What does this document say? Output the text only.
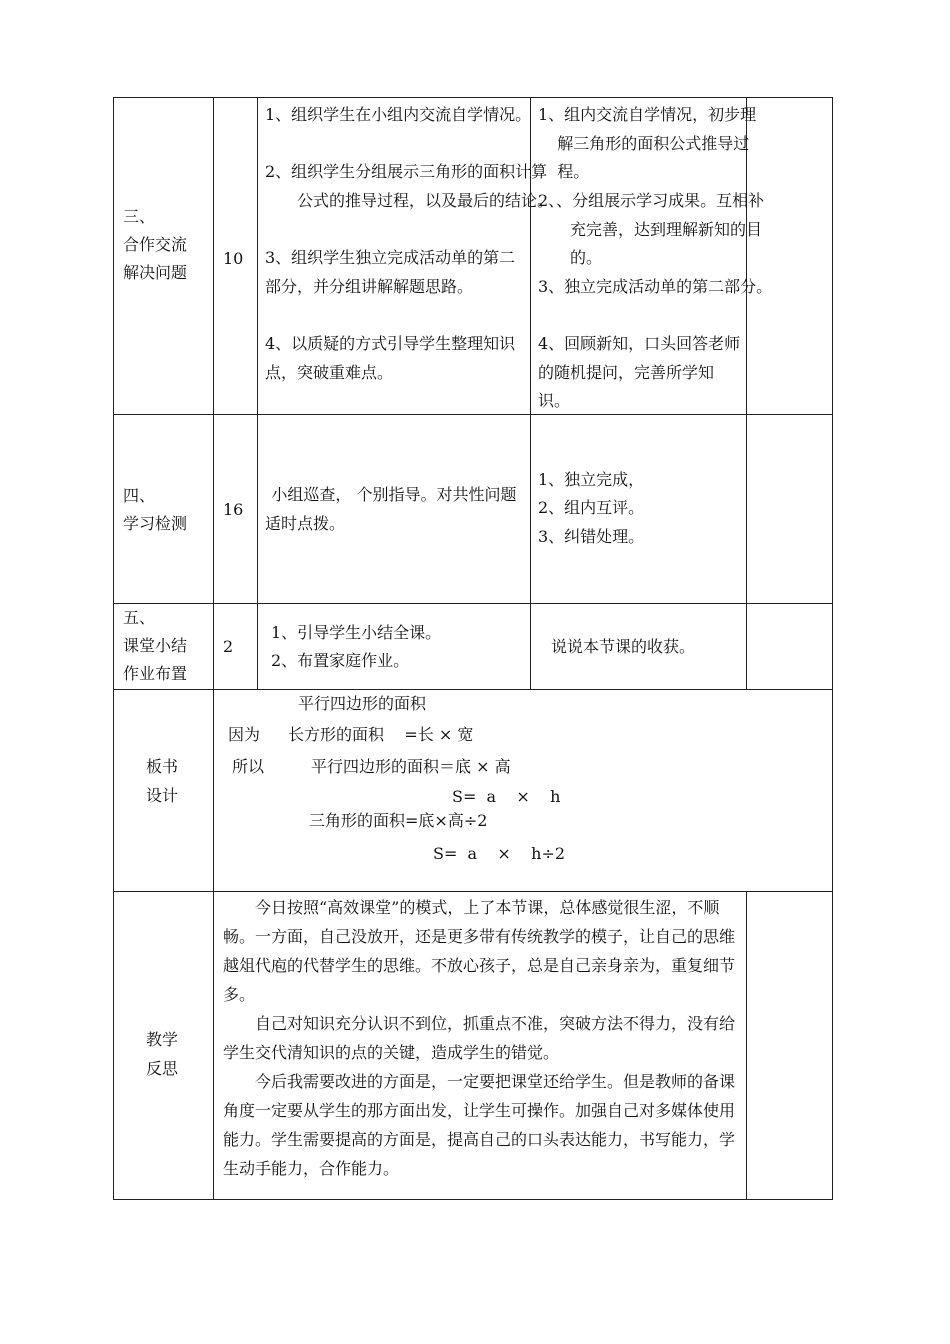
三、
合作交流
解决问题
10
1、组织学生在小组内交流自学情况。
2、组织学生分组展示三角形的面积计算公式的推导过程，以及最后的结论。
3、组织学生独立完成活动单的第二部分，并分组讲解解题思路。
4、以质疑的方式引导学生整理知识点，突破重难点。
1、组内交流自学情况，初步理解三角形的面积公式推导过程。
2、、分组展示学习成果。互相补充完善，达到理解新知的目的。
3、独立完成活动单的第二部分。
4、回顾新知，口头回答老师的随机提问，完善所学知识。
四、
学习检测
16
小组巡查， 个别指导。对共性问题适时点拨。
1、独立完成，
2、组内互评。
3、纠错处理。
五、
课堂小结
作业布置
2
1、引导学生小结全课。
2、布置家庭作业。
说说本节课的收获。
板书
设计
平行四边形的面积
因为 长方形的面积    =长 × 宽
所以	平行四边形的面积＝底 × 高
S=  a    ×    h
三角形的面积=底×高÷2
S=  a    ×    h÷2
教学
反思

今日按照“高效课堂”的模式，上了本节课，总体感觉很生涩，不顺畅。一方面，自己没放开，还是更多带有传统教学的模子，让自己的思维越俎代庖的代替学生的思维。不放心孩子，总是自己亲身亲为，重复细节多。

自己对知识充分认识不到位，抓重点不准，突破方法不得力，没有给学生交代清知识的点的关键，造成学生的错觉。

今后我需要改进的方面是，一定要把课堂还给学生。但是教师的备课角度一定要从学生的那方面出发，让学生可操作。加强自己对多媒体使用能力。学生需要提高的方面是，提高自己的口头表达能力，书写能力，学生动手能力，合作能力。
